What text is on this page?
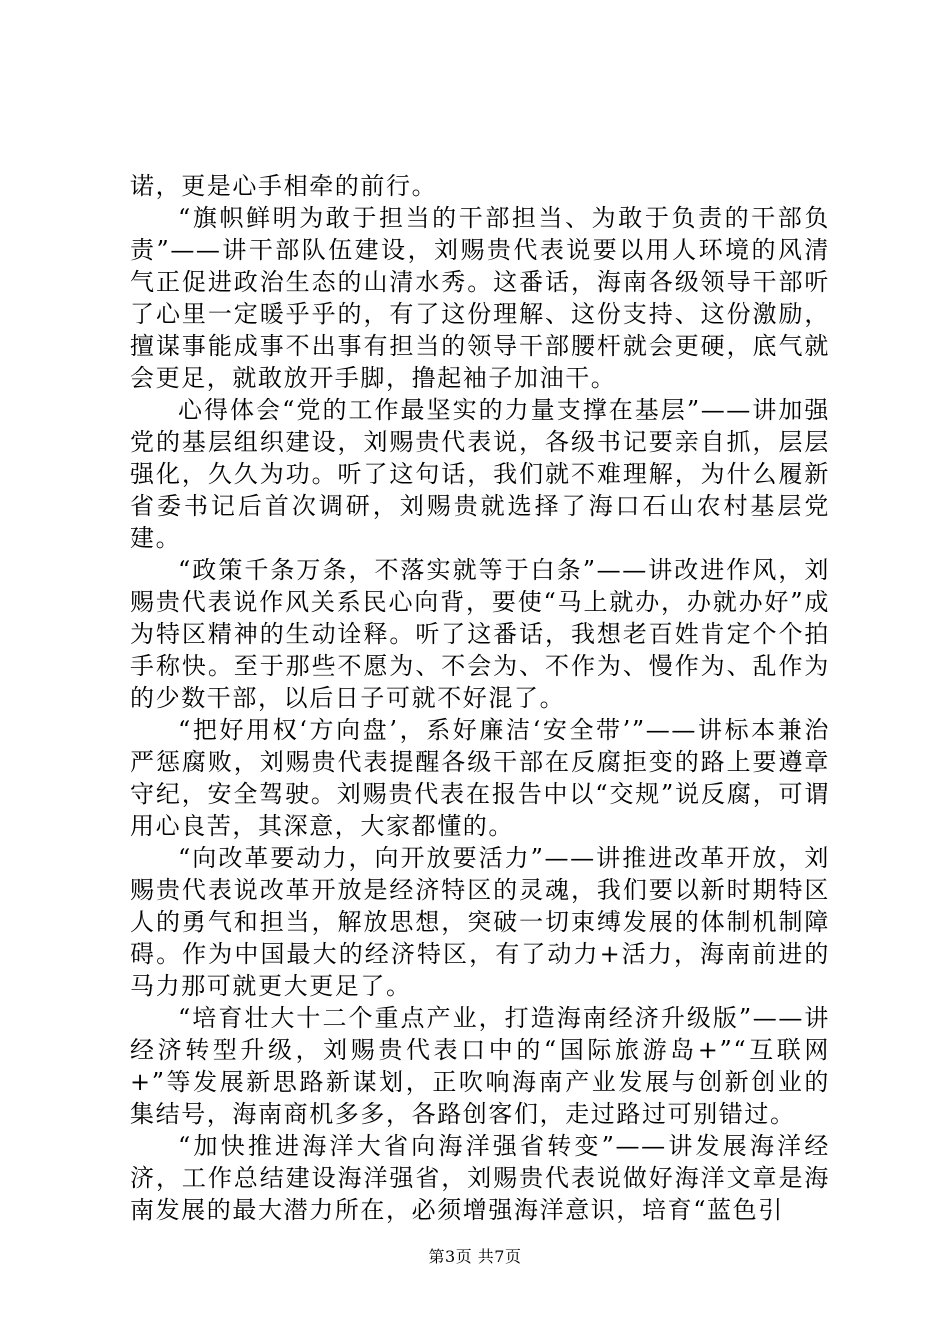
诺，更是心手相牵的前行。

“旗帜鲜明为敢于担当的干部担当、为敢于负责的干部负责”——讲干部队伍建设，刘赐贵代表说要以用人环境的风清气正促进政治生态的山清水秀。这番话，海南各级领导干部听了心里一定暖乎乎的，有了这份理解、这份支持、这份激励，擅谋事能成事不出事有担当的领导干部腰杆就会更硬，底气就会更足，就敢放开手脚，撸起袖子加油干。

心得体会“党的工作最坚实的力量支撑在基层”——讲加强党的基层组织建设，刘赐贵代表说，各级书记要亲自抓，层层强化，久久为功。听了这句话，我们就不难理解，为什么履新省委书记后首次调研，刘赐贵就选择了海口石山农村基层党建。

“政策千条万条，不落实就等于白条”——讲改进作风，刘赐贵代表说作风关系民心向背，要使“马上就办，办就办好”成为特区精神的生动诠释。听了这番话，我想老百姓肯定个个拍手称快。至于那些不愿为、不会为、不作为、慢作为、乱作为的少数干部，以后日子可就不好混了。

“把好用权‘方向盘’，系好廉洁‘安全带’”——讲标本兼治严惩腐败，刘赐贵代表提醒各级干部在反腐拒变的路上要遵章守纪，安全驾驶。刘赐贵代表在报告中以“交规”说反腐，可谓用心良苦，其深意，大家都懂的。

“向改革要动力，向开放要活力”——讲推进改革开放，刘赐贵代表说改革开放是经济特区的灵魂，我们要以新时期特区人的勇气和担当，解放思想，突破一切束缚发展的体制机制障碍。作为中国最大的经济特区，有了动力+活力，海南前进的马力那可就更大更足了。

“培育壮大十二个重点产业，打造海南经济升级版”——讲经济转型升级，刘赐贵代表口中的“国际旅游岛+”“互联网+”等发展新思路新谋划，正吹响海南产业发展与创新创业的集结号，海南商机多多，各路创客们，走过路过可别错过。

“加快推进海洋大省向海洋强省转变”——讲发展海洋经济，工作总结建设海洋强省，刘赐贵代表说做好海洋文章是海南发展的最大潜力所在，必须增强海洋意识，培育“蓝色引

第3页 共7页
